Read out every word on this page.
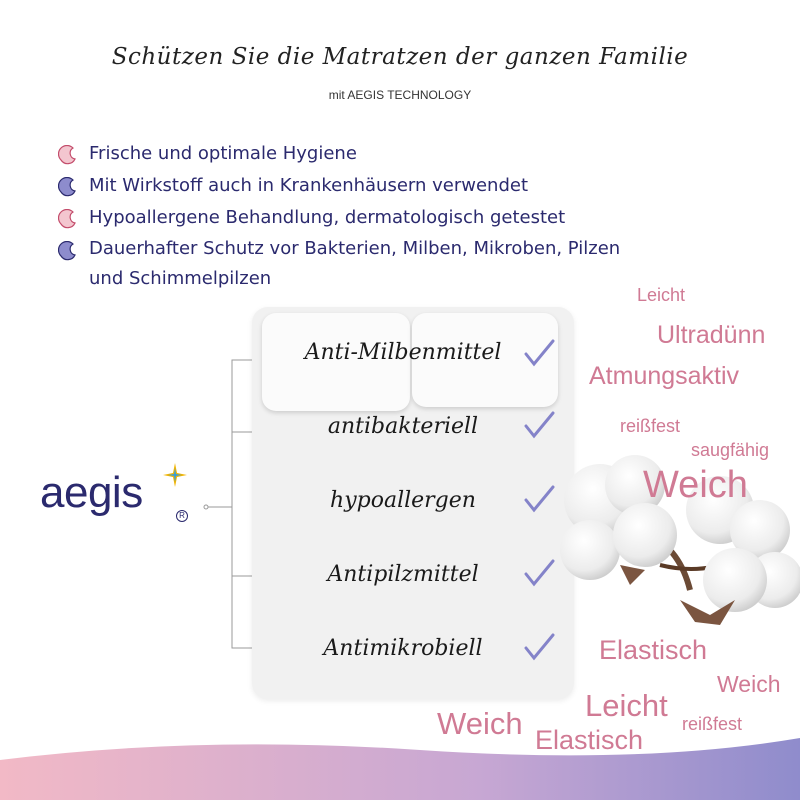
Schützen Sie die Matratzen der ganzen Familie
mit AEGIS TECHNOLOGY
Frische und optimale Hygiene
Mit Wirkstoff auch in Krankenhäusern verwendet
Hypoallergene Behandlung, dermatologisch getestet
Dauerhafter Schutz vor Bakterien, Milben, Mikroben, Pilzen
und Schimmelpilzen
Anti-Milbenmittel
antibakteriell
hypoallergen
Antipilzmittel
Antimikrobiell
aegis	R
Leicht
Ultradünn
Atmungsaktiv
reißfest
saugfähig
Weich
Elastisch
Weich
Leicht
reißfest
Weich Elastisch
